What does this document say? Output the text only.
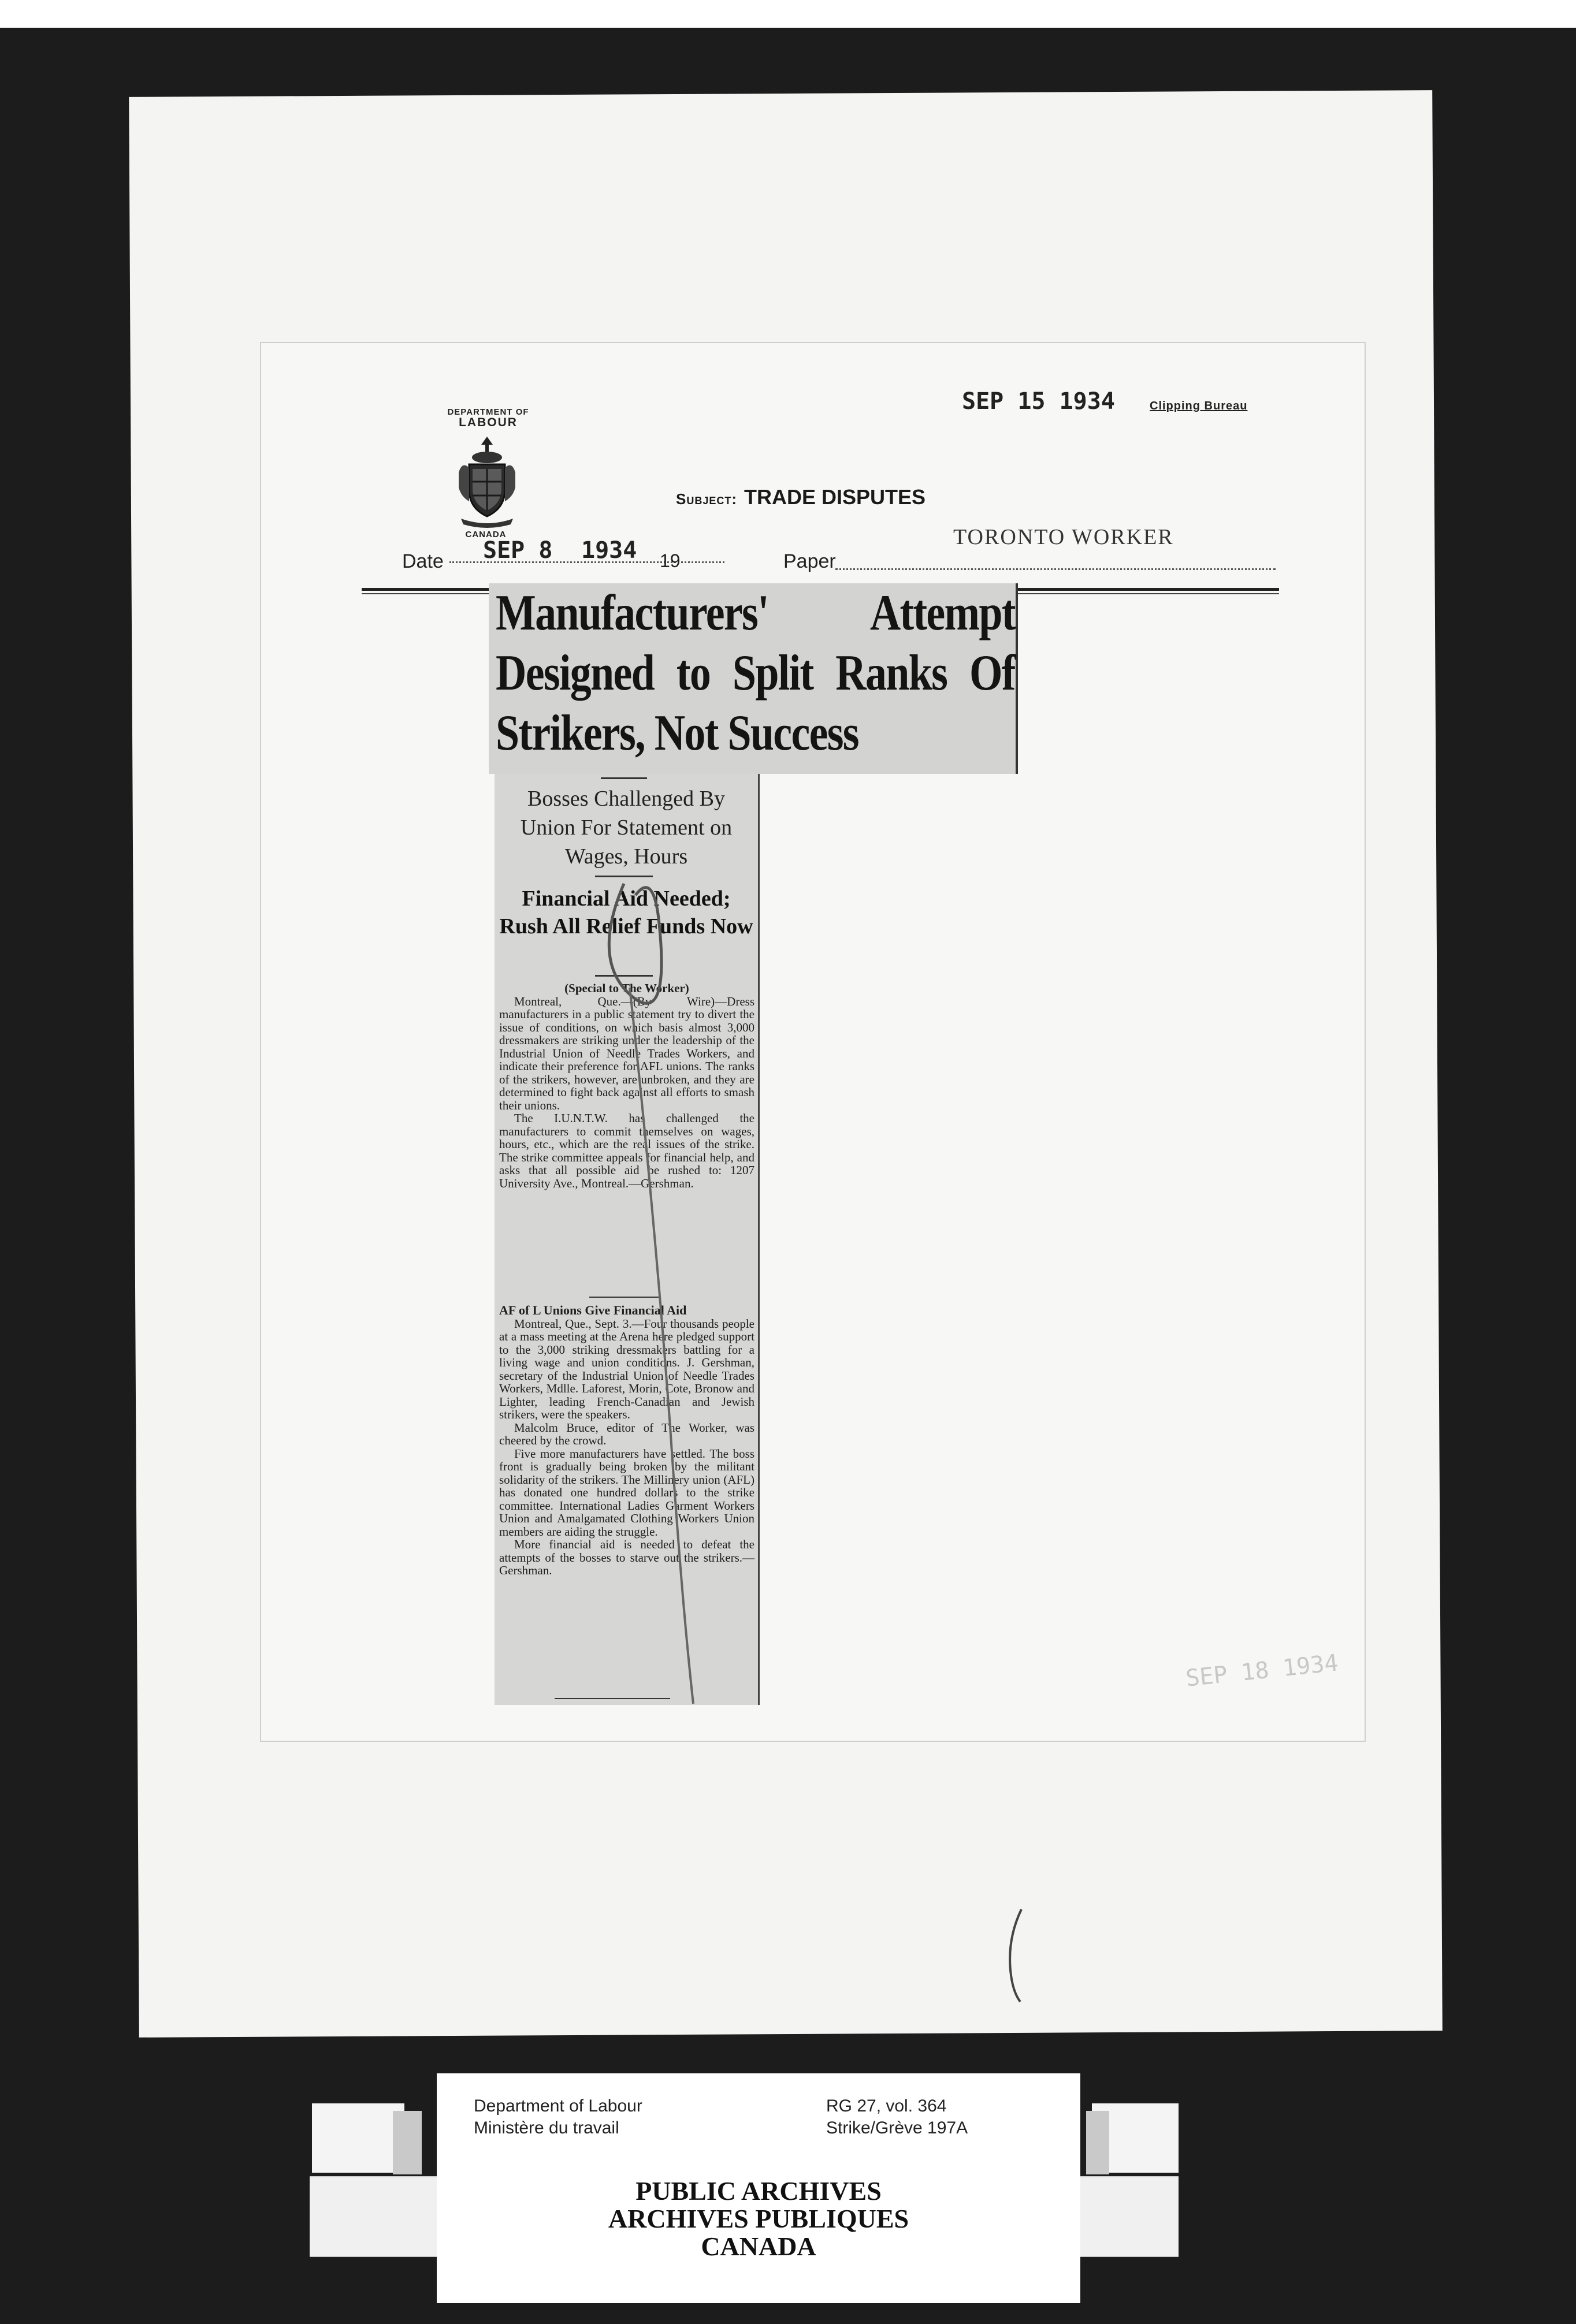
DEPARTMENT OF
LABOUR
CANADA
SEP 15 1934	Clipping Bureau
Subject: TRADE DISPUTES
TORONTO WORKER
Date SEP 8 1934 19	Paper
Manufacturers' Attempt Designed to Split Ranks Of Strikers, Not Success
Bosses Challenged By Union For Statement on Wages, Hours
Financial Aid Needed; Rush All Relief Funds Now
(Special to The Worker)

Montreal, Que.—(By Wire)—Dress manufacturers in a public statement try to divert the issue of conditions, on which basis almost 3,000 dressmakers are striking under the leadership of the Industrial Union of Needle Trades Workers, and indicate their preference for AFL unions. The ranks of the strikers, however, are unbroken, and they are determined to fight back against all efforts to smash their unions.

The I.U.N.T.W. has challenged the manufacturers to commit themselves on wages, hours, etc., which are the real issues of the strike. The strike committee appeals for financial help, and asks that all possible aid be rushed to: 1207 University Ave., Montreal.—Gershman.

AF of L Unions Give Financial Aid

Montreal, Que., Sept. 3.—Four thousands people at a mass meeting at the Arena here pledged support to the 3,000 striking dressmakers battling for a living wage and union conditions. J. Gershman, secretary of the Industrial Union of Needle Trades Workers, Mdlle. Laforest, Morin, Cote, Bronow and Lighter, leading French-Canadian and Jewish strikers, were the speakers.

Malcolm Bruce, editor of The Worker, was cheered by the crowd.

Five more manufacturers have settled. The boss front is gradually being broken by the militant solidarity of the strikers. The Millinery union (AFL) has donated one hundred dollars to the strike committee. International Ladies Garment Workers Union and Amalgamated Clothing Workers Union members are aiding the struggle.

More financial aid is needed to defeat the attempts of the bosses to starve out the strikers.—Gershman.

SEP 18 1934
Department of Labour
Ministère du travail
RG 27, vol. 364
Strike/Grève 197A
PUBLIC ARCHIVES
ARCHIVES PUBLIQUES
CANADA
